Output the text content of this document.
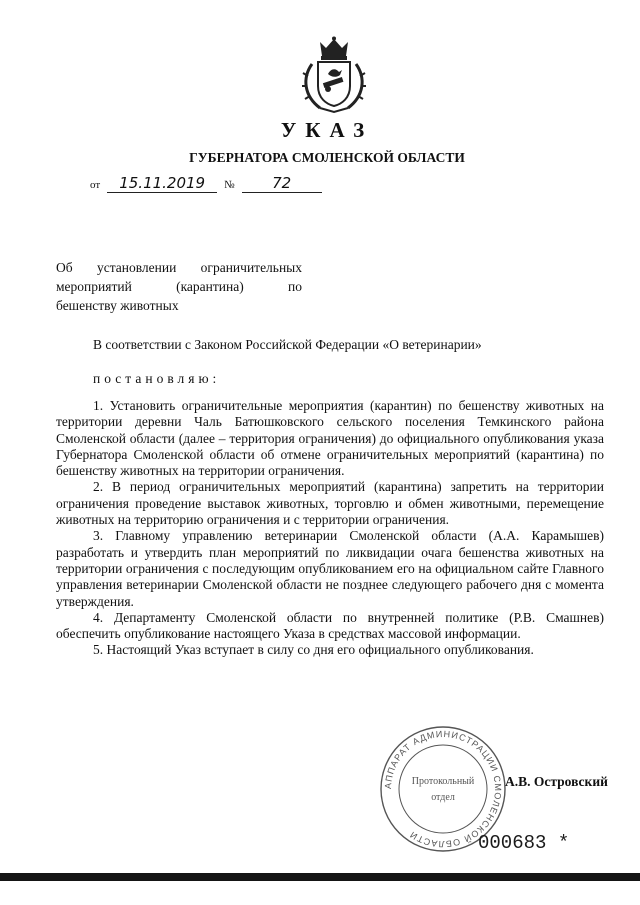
УКАЗ
ГУБЕРНАТОРА СМОЛЕНСКОЙ ОБЛАСТИ
от 15.11.2019 № 72
Об установлении ограничительных
мероприятий (карантина) по
бешенству животных
В соответствии с Законом Российской Федерации «О ветеринарии»
постановляю:

1. Установить ограничительные мероприятия (карантин) по бешенству животных на территории деревни Чаль Батюшковского сельского поселения Темкинского района Смоленской области (далее – территория ограничения) до официального опубликования указа Губернатора Смоленской области об отмене ограничительных мероприятий (карантина) по бешенству животных на территории ограничения.

2. В период ограничительных мероприятий (карантина) запретить на территории ограничения проведение выставок животных, торговлю и обмен животными, перемещение животных на территорию ограничения и с территории ограничения.

3. Главному управлению ветеринарии Смоленской области (А.А. Карамышев) разработать и утвердить план мероприятий по ликвидации очага бешенства животных на территории ограничения с последующим опубликованием его на официальном сайте Главного управления ветеринарии Смоленской области не позднее следующего рабочего дня с момента утверждения.

4. Департаменту Смоленской области по внутренней политике (Р.В. Смашнев) обеспечить опубликование настоящего Указа в средствах массовой информации.

5. Настоящий Указ вступает в силу со дня его официального опубликования.

АППАРАТ АДМИНИСТРАЦИИ СМОЛЕНСКОЙ ОБЛАСТИ
Протокольный
отдел
А.В. Островский
000683 *
